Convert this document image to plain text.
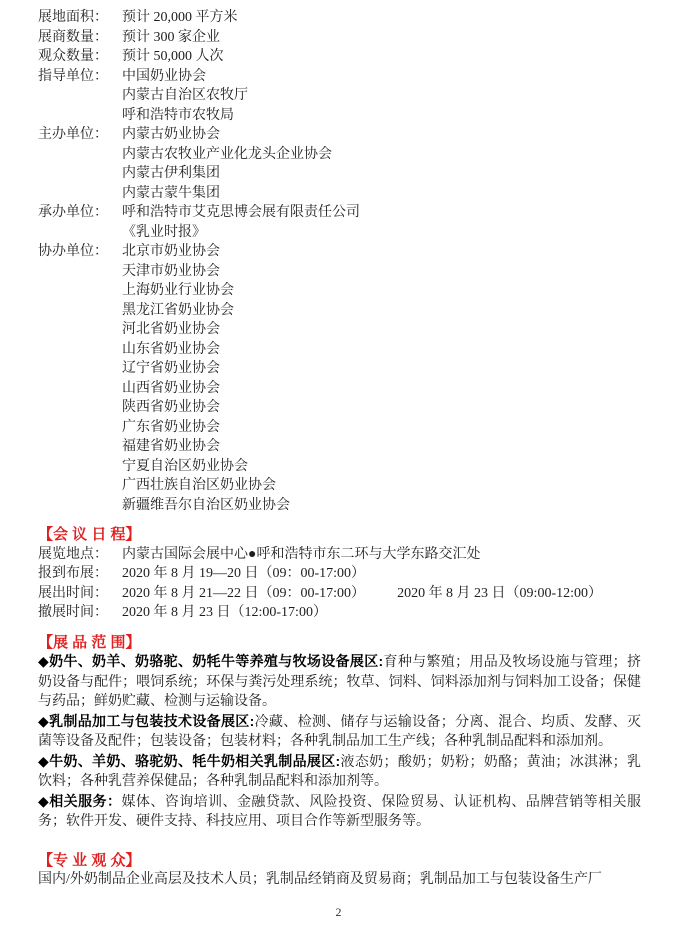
展地面积：	预计 20,000 平方米
展商数量：	预计 300 家企业
观众数量：	预计 50,000 人次
指导单位：	中国奶业协会
内蒙古自治区农牧厅
呼和浩特市农牧局
主办单位：	内蒙古奶业协会
内蒙古农牧业产业化龙头企业协会
内蒙古伊利集团
内蒙古蒙牛集团
承办单位：	呼和浩特市艾克思博会展有限责任公司
《乳业时报》
协办单位：	北京市奶业协会
天津市奶业协会
上海奶业行业协会
黑龙江省奶业协会
河北省奶业协会
山东省奶业协会
辽宁省奶业协会
山西省奶业协会
陕西省奶业协会
广东省奶业协会
福建省奶业协会
宁夏自治区奶业协会
广西壮族自治区奶业协会
新疆维吾尔自治区奶业协会
【会 议 日 程】
展览地点：	内蒙古国际会展中心●呼和浩特市东二环与大学东路交汇处
报到布展：	2020 年 8 月 19—20 日（09：00-17:00）
展出时间：	2020 年 8 月 21—22 日（09：00-17:00） 2020 年 8 月 23 日（09:00-12:00）
撤展时间：	2020 年 8 月 23 日（12:00-17:00）
【展 品 范 围】
◆奶牛、奶羊、奶骆驼、奶牦牛等养殖与牧场设备展区:育种与繁殖；用品及牧场设施与管理；挤奶设备与配件；喂饲系统；环保与粪污处理系统；牧草、饲料、饲料添加剂与饲料加工设备；保健与药品；鲜奶贮藏、检测与运输设备。
◆乳制品加工与包装技术设备展区:冷藏、检测、储存与运输设备；分离、混合、均质、发酵、灭菌等设备及配件；包装设备；包装材料；各种乳制品加工生产线；各种乳制品配料和添加剂。
◆牛奶、羊奶、骆驼奶、牦牛奶相关乳制品展区:液态奶；酸奶；奶粉；奶酪；黄油；冰淇淋；乳饮料；各种乳营养保健品；各种乳制品配料和添加剂等。
◆相关服务：媒体、咨询培训、金融贷款、风险投资、保险贸易、认证机构、品牌营销等相关服务；软件开发、硬件支持、科技应用、项目合作等新型服务等。
【专 业 观 众】
国内/外奶制品企业高层及技术人员；乳制品经销商及贸易商；乳制品加工与包装设备生产厂
2
